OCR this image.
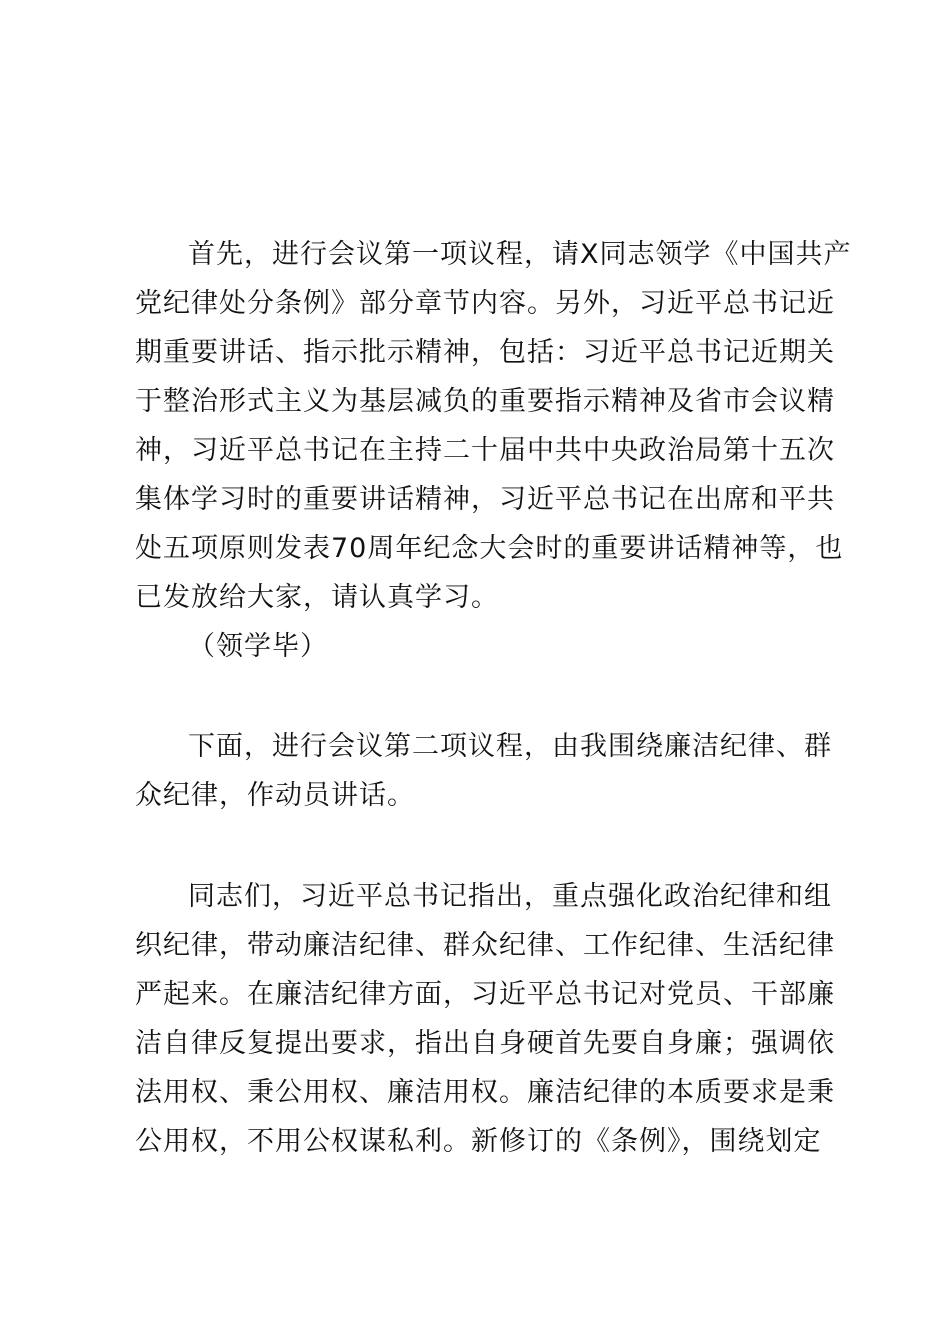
首先，进行会议第一项议程，请X同志领学《中国共产
党纪律处分条例》部分章节内容。另外，习近平总书记近
期重要讲话、指示批示精神，包括：习近平总书记近期关
于整治形式主义为基层减负的重要指示精神及省市会议精
神，习近平总书记在主持二十届中共中央政治局第十五次
集体学习时的重要讲话精神，习近平总书记在出席和平共
处五项原则发表70周年纪念大会时的重要讲话精神等，也
已发放给大家，请认真学习。
（领学毕）
下面，进行会议第二项议程，由我围绕廉洁纪律、群
众纪律，作动员讲话。
同志们，习近平总书记指出，重点强化政治纪律和组
织纪律，带动廉洁纪律、群众纪律、工作纪律、生活纪律
严起来。在廉洁纪律方面，习近平总书记对党员、干部廉
洁自律反复提出要求，指出自身硬首先要自身廉；强调依
法用权、秉公用权、廉洁用权。廉洁纪律的本质要求是秉
公用权，不用公权谋私利。新修订的《条例》，围绕划定
